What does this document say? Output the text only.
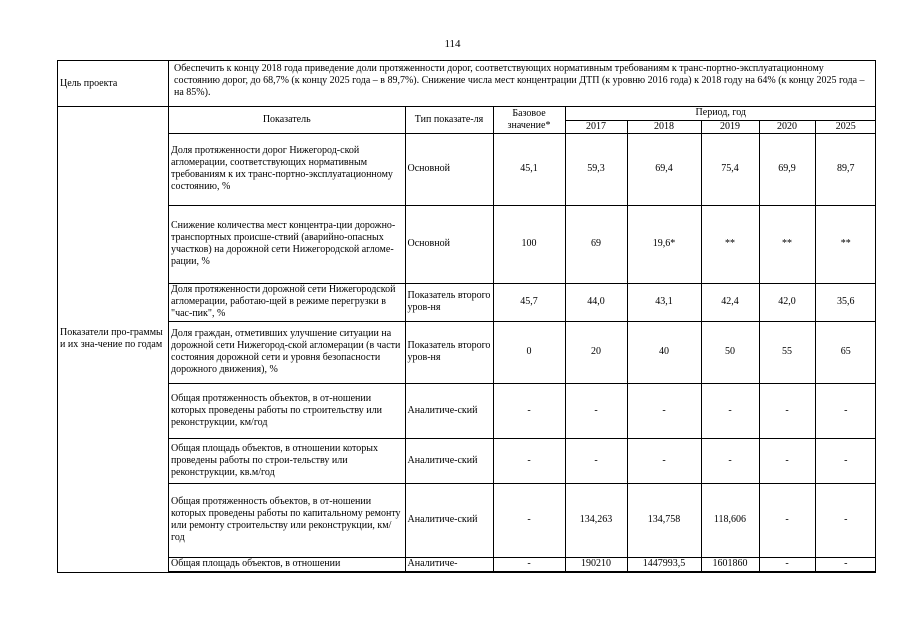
114
Цель проекта	Обеспечить к концу 2018 года приведение доли протяженности дорог, соответствующих нормативным требованиям к транс-портно-эксплуатационному состоянию дорог, до 68,7% (к концу 2025 года – в 89,7%). Снижение числа мест концентрации ДТП (к уровню 2016 года) к 2018 году на 64% (к концу 2025 года – на 85%).
Показатели про-граммы и их зна-чение по годам	
Показатель	Тип показате-ля	Базовое значение*	Период, год
2017	2018	2019	2020	2025
Доля протяженности дорог Нижегород-ской агломерации, соответствующих нормативным требованиям к их транс-портно-эксплуатационному состоянию, %	Основной	45,1	59,3	69,4	75,4	69,9	89,7
Снижение количества мест концентра-ции дорожно-транспортных происше-ствий (аварийно-опасных участков) на дорожной сети Нижегородской агломе-рации, %	Основной	100	69	19,6*	**	**	**
Доля протяженности дорожной сети Нижегородской агломерации, работаю-щей в режиме перегрузки в "час-пик", %	Показатель второго уров-ня	45,7	44,0	43,1	42,4	42,0	35,6
Доля граждан, отметивших улучшение ситуации на дорожной сети Нижегород-ской агломерации (в части состояния дорожной сети и уровня безопасности дорожного движения), %	Показатель второго уров-ня	0	20	40	50	55	65
Общая протяженность объектов, в от-ношении которых проведены работы по строительству или реконструкции, км/год	Аналитиче-ский	-	-	-	-	-	-
Общая площадь объектов, в отношении которых проведены работы по строи-тельству или реконструкции, кв.м/год	Аналитиче-ский	-	-	-	-	-	-
Общая протяженность объектов, в от-ношении которых проведены работы по капитальному ремонту или ремонту строительству или реконструкции, км/год	Аналитиче-ский	-	134,263	134,758	118,606	-	-
Общая площадь объектов, в отношении	Аналитиче-	-	190210	1447993,5	1601860	-	-
